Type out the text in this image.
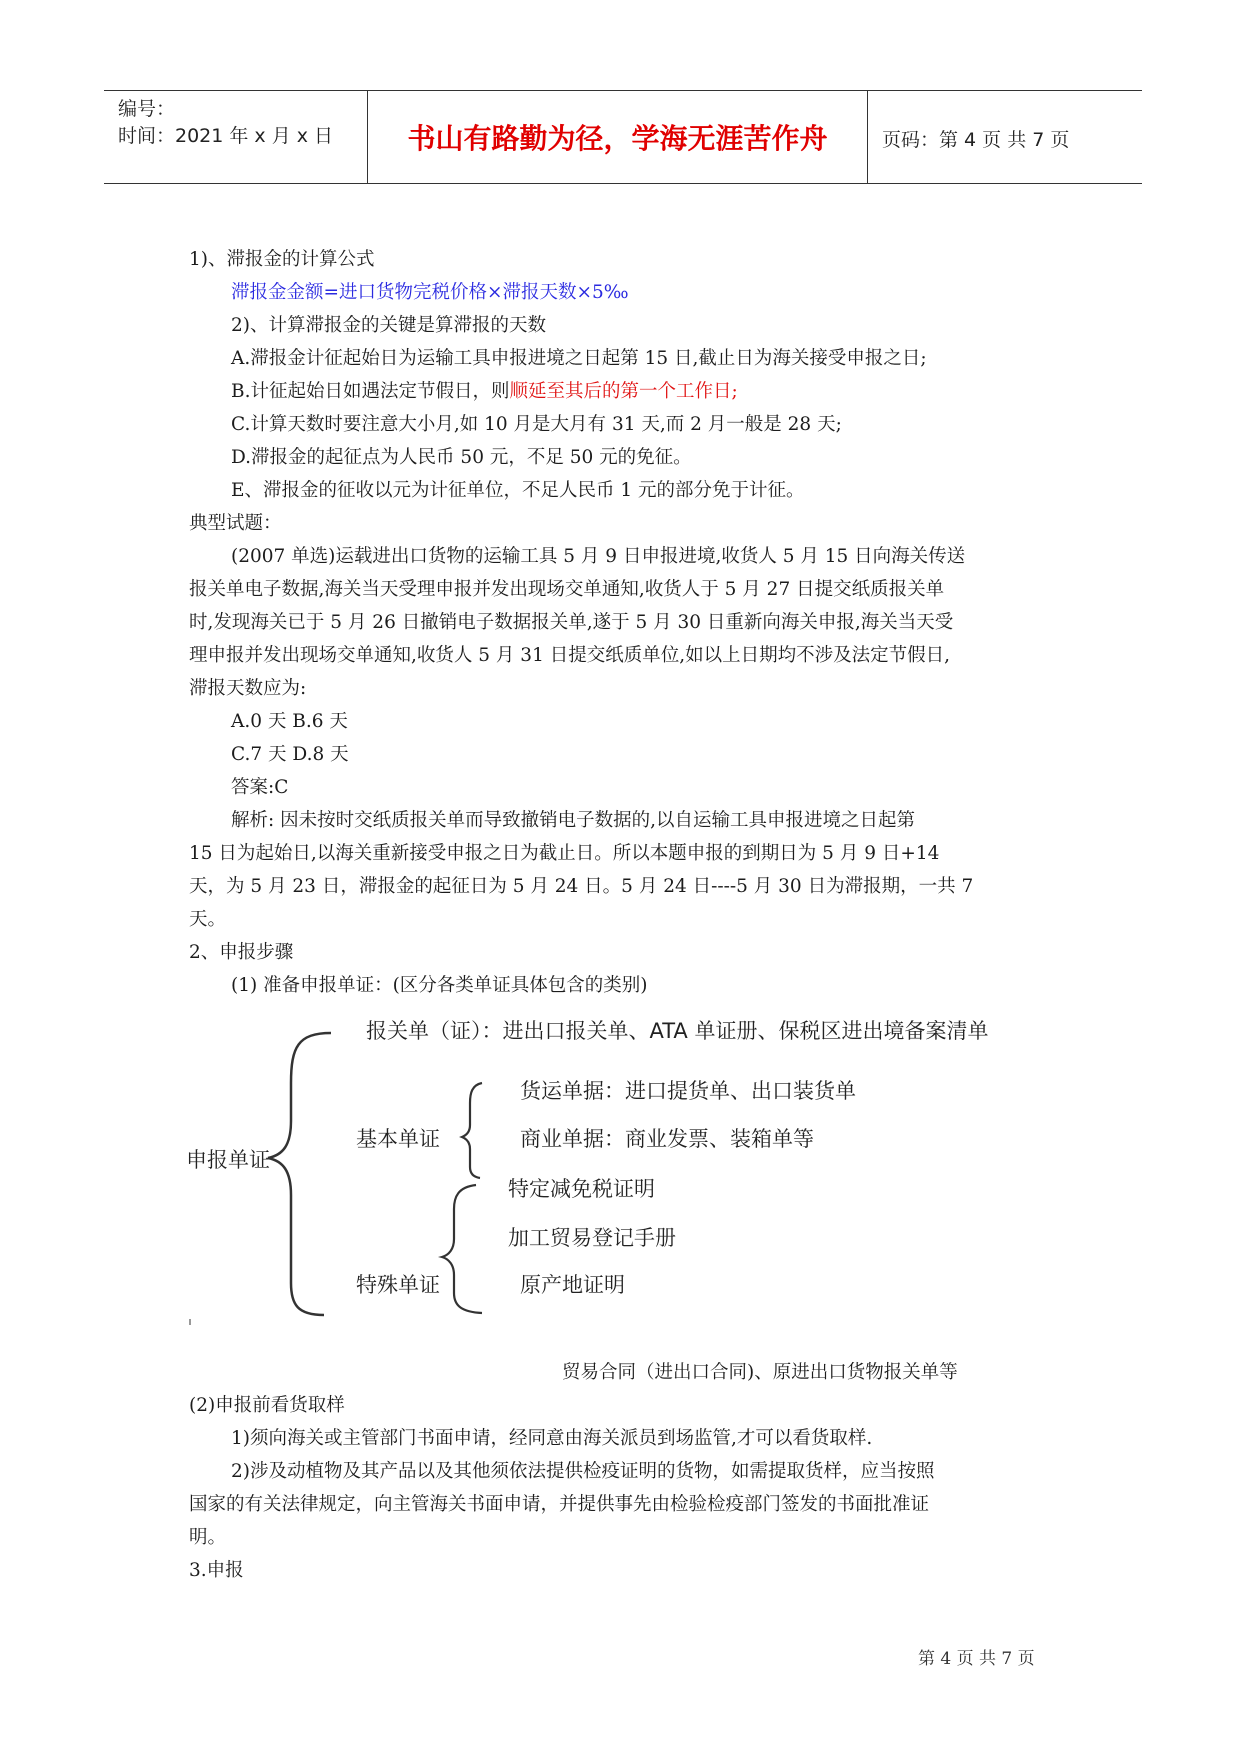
编号：
时间：2021 年 x 月 x 日	书山有路勤为径，学海无涯苦作舟	页码：第 4 页 共 7 页
1)、滞报金的计算公式
滞报金金额=进口货物完税价格×滞报天数×5‰
2)、计算滞报金的关键是算滞报的天数
A.滞报金计征起始日为运输工具申报进境之日起第 15 日,截止日为海关接受申报之日;
B.计征起始日如遇法定节假日，则顺延至其后的第一个工作日;
C.计算天数时要注意大小月,如 10 月是大月有 31 天,而 2 月一般是 28 天;
D.滞报金的起征点为人民币 50 元，不足 50 元的免征。
E、滞报金的征收以元为计征单位，不足人民币 1 元的部分免于计征。
典型试题：
(2007 单选)运载进出口货物的运输工具 5 月 9 日申报进境,收货人 5 月 15 日向海关传送
报关单电子数据,海关当天受理申报并发出现场交单通知,收货人于 5 月 27 日提交纸质报关单
时,发现海关已于 5 月 26 日撤销电子数据报关单,遂于 5 月 30 日重新向海关申报,海关当天受
理申报并发出现场交单通知,收货人 5 月 31 日提交纸质单位,如以上日期均不涉及法定节假日,
滞报天数应为:
A.0 天 B.6 天
C.7 天 D.8 天
答案:C
解析: 因未按时交纸质报关单而导致撤销电子数据的,以自运输工具申报进境之日起第
15 日为起始日,以海关重新接受申报之日为截止日。所以本题申报的到期日为 5 月 9 日+14
天，为 5 月 23 日，滞报金的起征日为 5 月 24 日。5 月 24 日----5 月 30 日为滞报期，一共 7
天。
2、申报步骤
(1) 准备申报单证：(区分各类单证具体包含的类别)
申报单证
报关单（证）：进出口报关单、ATA 单证册、保税区进出境备案清单
基本单证
货运单据：进口提货单、出口装货单
商业单据：商业发票、装箱单等
特殊单证
特定减免税证明
加工贸易登记手册
原产地证明
贸易合同（进出口合同)、原进出口货物报关单等
(2)申报前看货取样
1)须向海关或主管部门书面申请，经同意由海关派员到场监管,才可以看货取样.
2)涉及动植物及其产品以及其他须依法提供检疫证明的货物，如需提取货样，应当按照
国家的有关法律规定，向主管海关书面申请，并提供事先由检验检疫部门签发的书面批准证
明。
3.申报
第 4 页 共 7 页
